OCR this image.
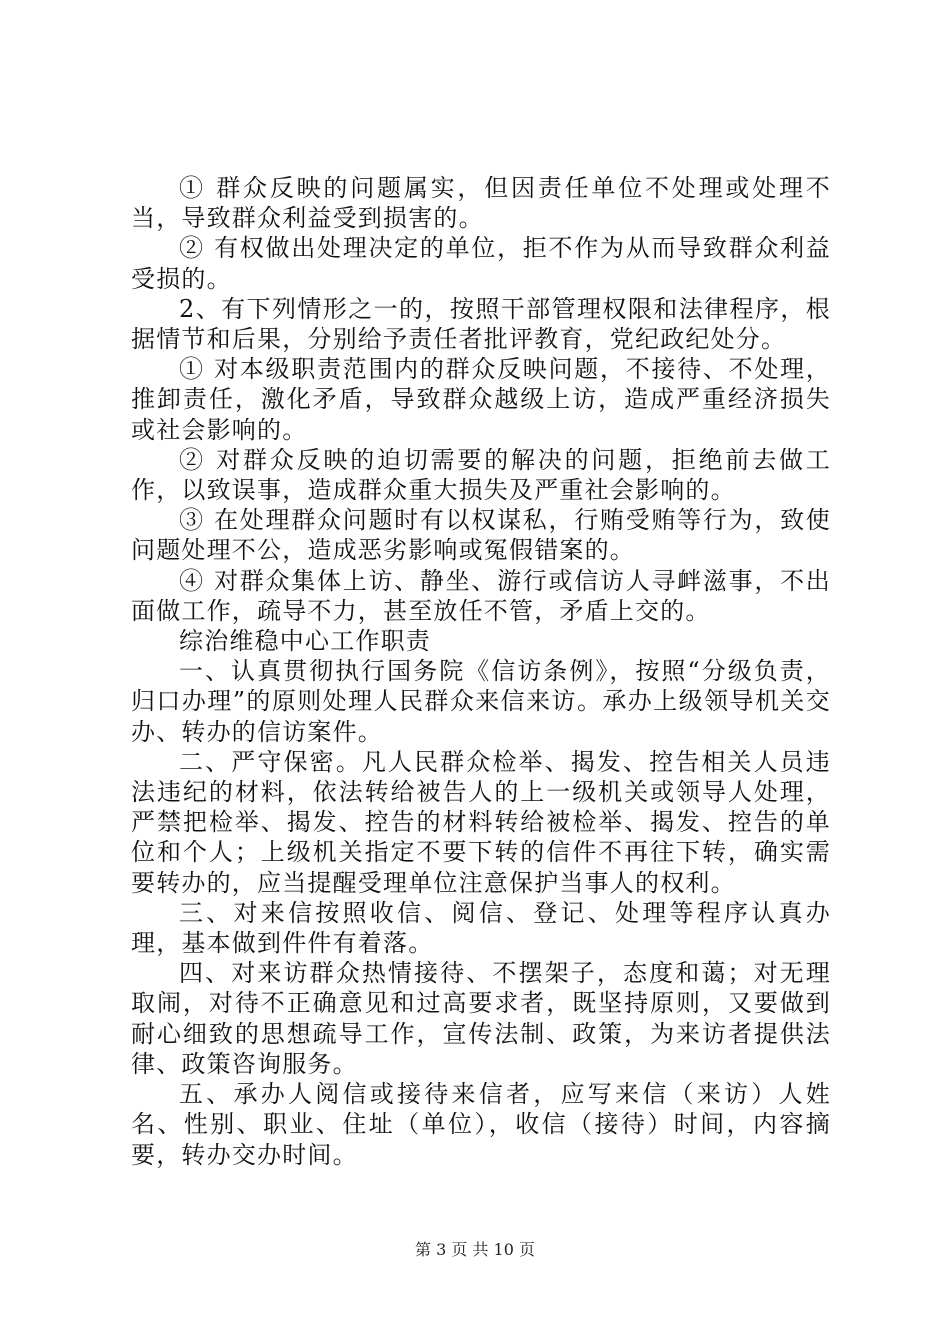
① 群众反映的问题属实，但因责任单位不处理或处理不当，导致群众利益受到损害的。

② 有权做出处理决定的单位，拒不作为从而导致群众利益受损的。

2、有下列情形之一的，按照干部管理权限和法律程序，根据情节和后果，分别给予责任者批评教育，党纪政纪处分。

① 对本级职责范围内的群众反映问题，不接待、不处理，推卸责任，激化矛盾，导致群众越级上访，造成严重经济损失或社会影响的。

② 对群众反映的迫切需要的解决的问题，拒绝前去做工作，以致误事，造成群众重大损失及严重社会影响的。

③ 在处理群众问题时有以权谋私，行贿受贿等行为，致使问题处理不公，造成恶劣影响或冤假错案的。

④ 对群众集体上访、静坐、游行或信访人寻衅滋事，不出面做工作，疏导不力，甚至放任不管，矛盾上交的。

综治维稳中心工作职责

一、认真贯彻执行国务院《信访条例》，按照“分级负责，归口办理”的原则处理人民群众来信来访。承办上级领导机关交办、转办的信访案件。

二、严守保密。凡人民群众检举、揭发、控告相关人员违法违纪的材料，依法转给被告人的上一级机关或领导人处理，严禁把检举、揭发、控告的材料转给被检举、揭发、控告的单位和个人；上级机关指定不要下转的信件不再往下转，确实需要转办的，应当提醒受理单位注意保护当事人的权利。

三、对来信按照收信、阅信、登记、处理等程序认真办理，基本做到件件有着落。

四、对来访群众热情接待、不摆架子，态度和蔼；对无理取闹，对待不正确意见和过高要求者，既坚持原则，又要做到耐心细致的思想疏导工作，宣传法制、政策，为来访者提供法律、政策咨询服务。

五、承办人阅信或接待来信者，应写来信（来访）人姓名、性别、职业、住址（单位），收信（接待）时间，内容摘要，转办交办时间。

第 3 页 共 10 页
